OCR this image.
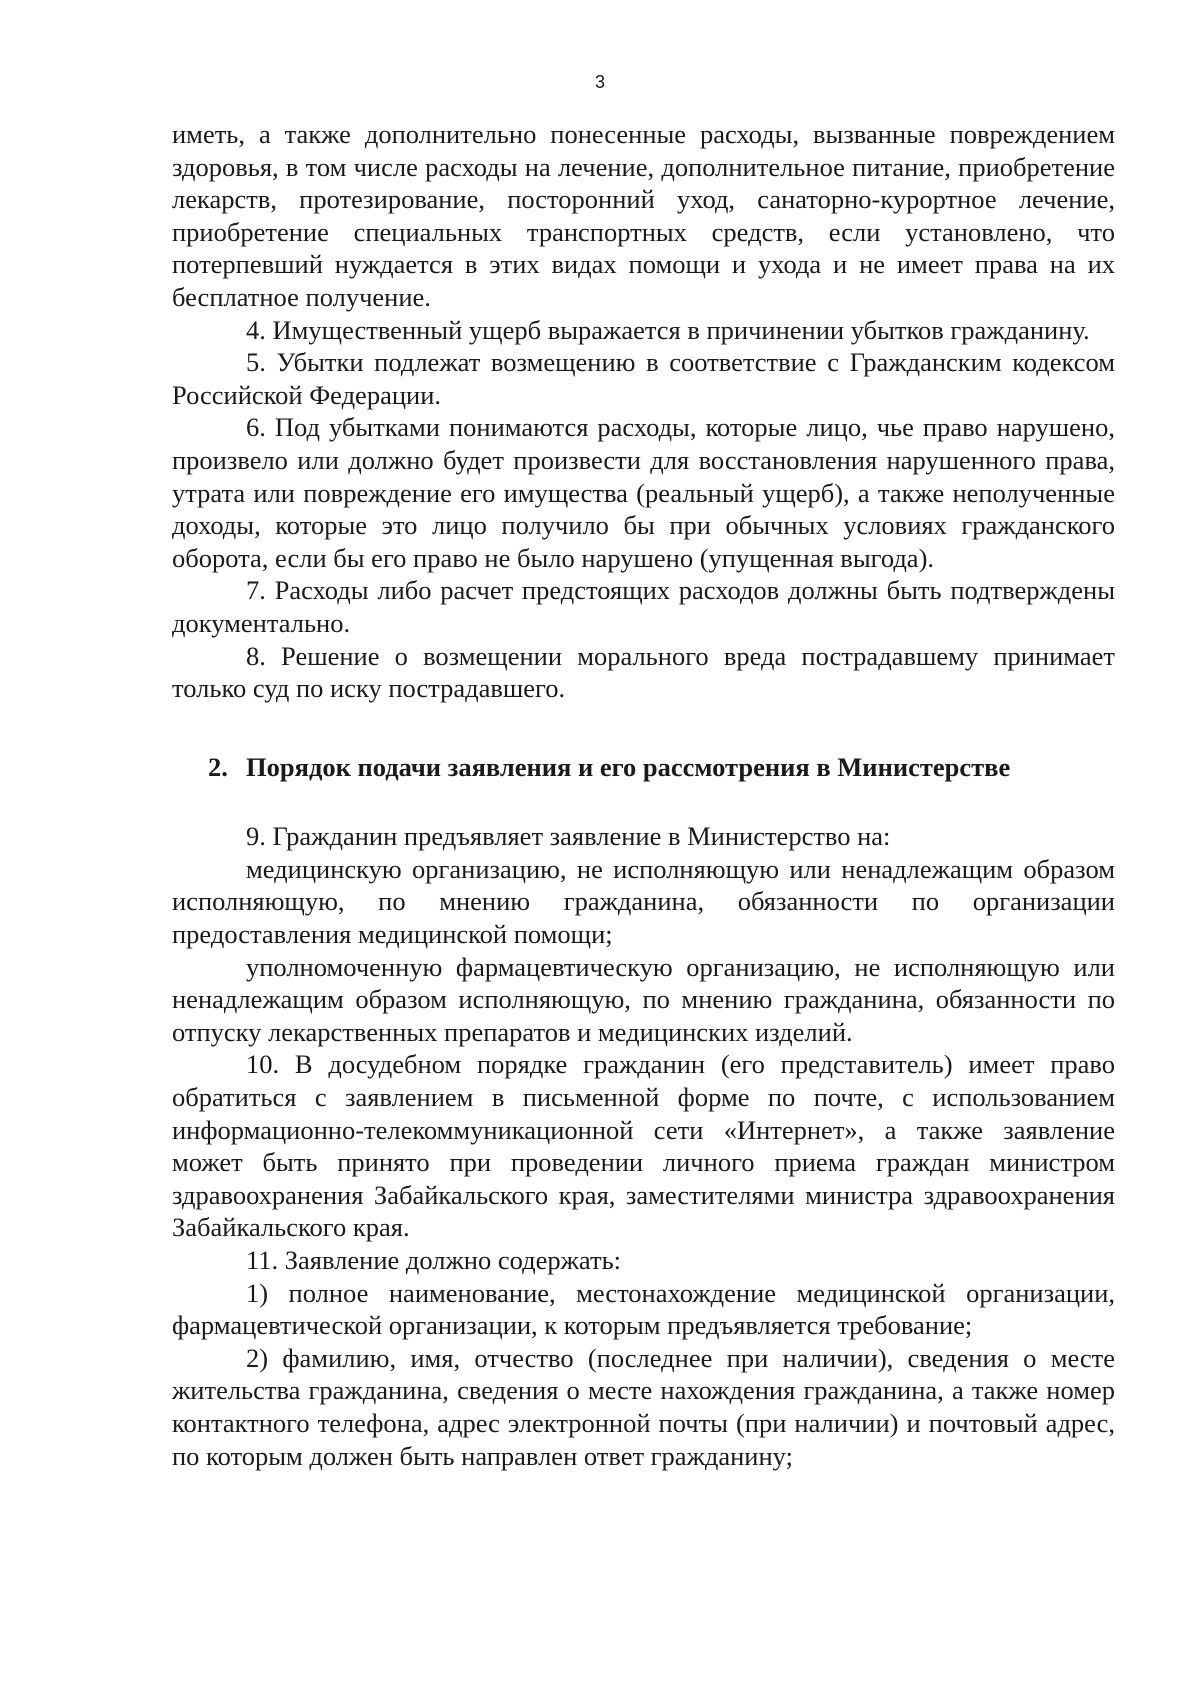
3

иметь, а также дополнительно понесенные расходы, вызванные повреждением здоровья, в том числе расходы на лечение, дополнительное питание, приобретение лекарств, протезирование, посторонний уход, санаторно-курортное лечение, приобретение специальных транспортных средств, если установлено, что потерпевший нуждается в этих видах помощи и ухода и не имеет права на их бесплатное получение.

4. Имущественный ущерб выражается в причинении убытков гражданину.

5. Убытки подлежат возмещению в соответствие с Гражданским кодексом Российской Федерации.

6. Под убытками понимаются расходы, которые лицо, чье право нарушено, произвело или должно будет произвести для восстановления нарушенного права, утрата или повреждение его имущества (реальный ущерб), а также неполученные доходы, которые это лицо получило бы при обычных условиях гражданского оборота, если бы его право не было нарушено (упущенная выгода).

7. Расходы либо расчет предстоящих расходов должны быть подтверждены документально.

8. Решение о возмещении морального вреда пострадавшему принимает только суд по иску пострадавшего.

2. Порядок подачи заявления и его рассмотрения в Министерстве

9. Гражданин предъявляет заявление в Министерство на:

медицинскую организацию, не исполняющую или ненадлежащим образом исполняющую, по мнению гражданина, обязанности по организации предоставления медицинской помощи;

уполномоченную фармацевтическую организацию, не исполняющую или ненадлежащим образом исполняющую, по мнению гражданина, обязанности по отпуску лекарственных препаратов и медицинских изделий.

10. В досудебном порядке гражданин (его представитель) имеет право обратиться с заявлением в письменной форме по почте, с использованием информационно-телекоммуникационной сети «Интернет», а также заявление может быть принято при проведении личного приема граждан министром здравоохранения Забайкальского края, заместителями министра здравоохранения Забайкальского края.

11. Заявление должно содержать:

1) полное наименование, местонахождение медицинской организации, фармацевтической организации, к которым предъявляется требование;

2) фамилию, имя, отчество (последнее при наличии), сведения о месте жительства гражданина, сведения о месте нахождения гражданина, а также номер контактного телефона, адрес электронной почты (при наличии) и почтовый адрес, по которым должен быть направлен ответ гражданину;
